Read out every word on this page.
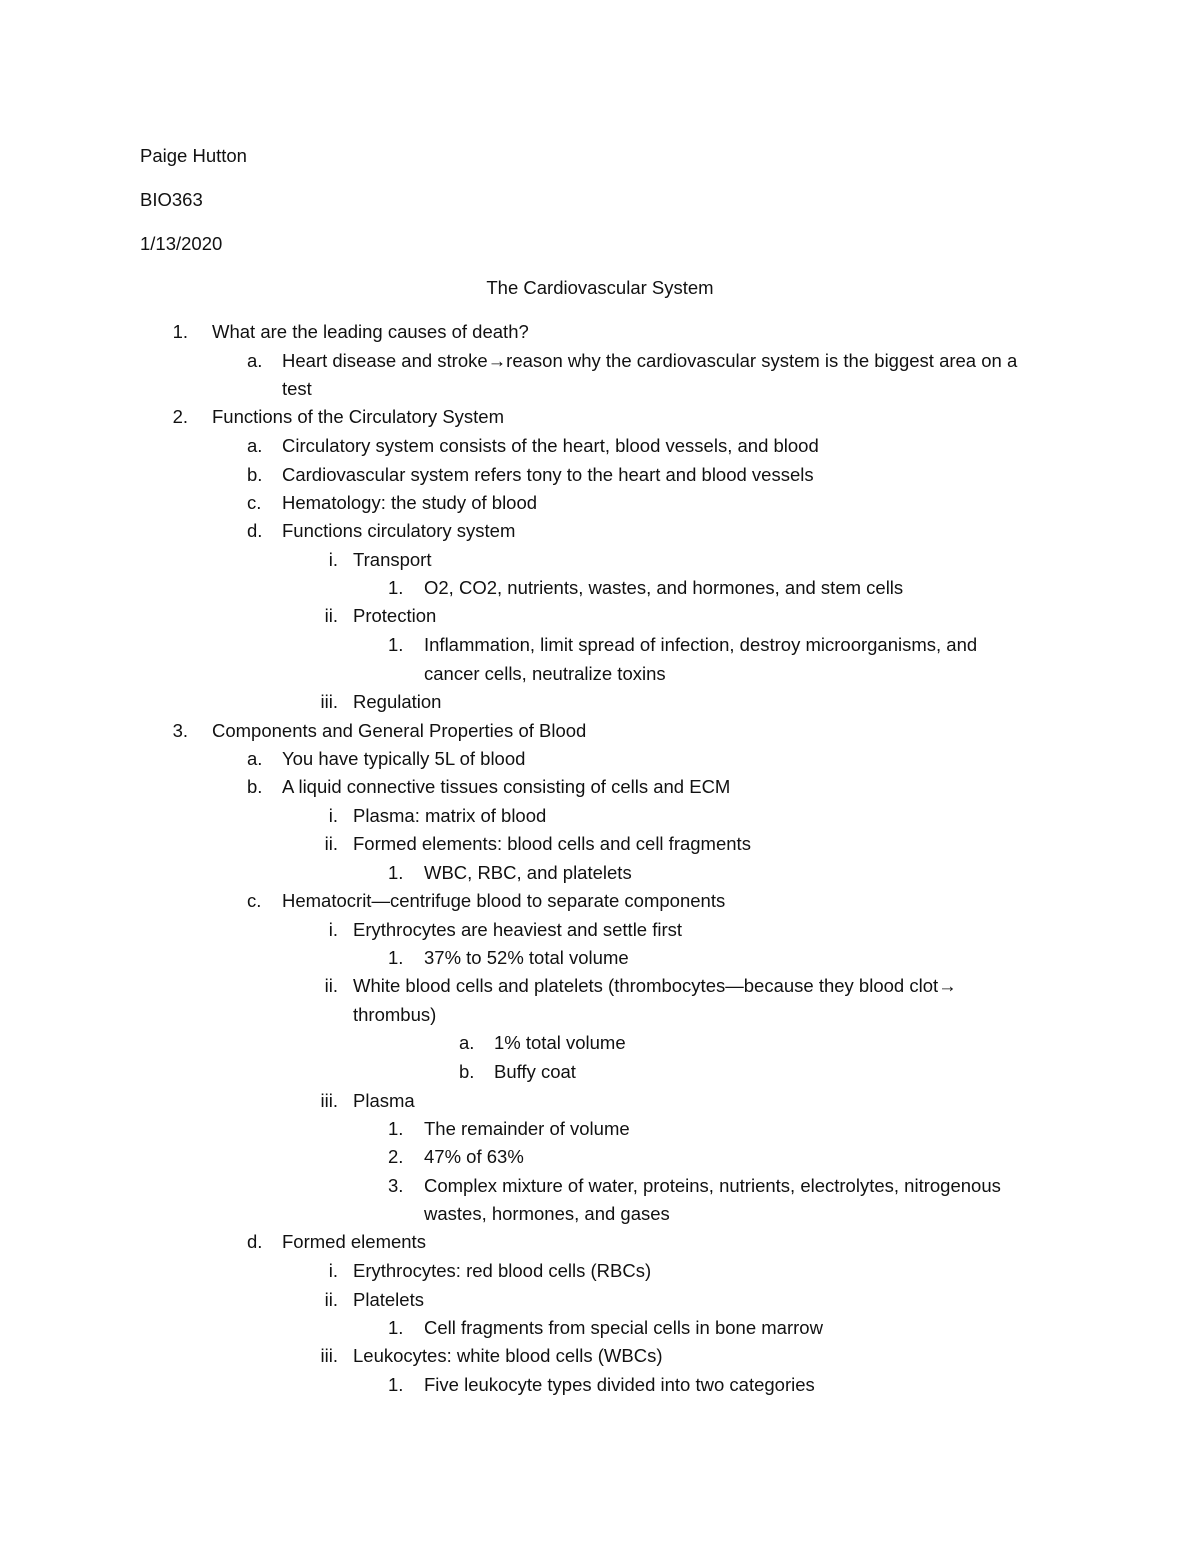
Paige Hutton
BIO363
1/13/2020
The Cardiovascular System
1. What are the leading causes of death?
a. Heart disease and stroke→reason why the cardiovascular system is the biggest area on a
test
2. Functions of the Circulatory System
a. Circulatory system consists of the heart, blood vessels, and blood
b. Cardiovascular system refers tony to the heart and blood vessels
c. Hematology: the study of blood
d. Functions circulatory system
i. Transport
1. O2, CO2, nutrients, wastes, and hormones, and stem cells
ii. Protection
1. Inflammation, limit spread of infection, destroy microorganisms, and
cancer cells, neutralize toxins
iii. Regulation
3. Components and General Properties of Blood
a. You have typically 5L of blood
b. A liquid connective tissues consisting of cells and ECM
i. Plasma: matrix of blood
ii. Formed elements: blood cells and cell fragments
1. WBC, RBC, and platelets
c. Hematocrit—centrifuge blood to separate components
i. Erythrocytes are heaviest and settle first
1. 37% to 52% total volume
ii. White blood cells and platelets (thrombocytes—because they blood clot→
thrombus)
a. 1% total volume
b. Buffy coat
iii. Plasma
1. The remainder of volume
2. 47% of 63%
3. Complex mixture of water, proteins, nutrients, electrolytes, nitrogenous
wastes, hormones, and gases
d. Formed elements
i. Erythrocytes: red blood cells (RBCs)
ii. Platelets
1. Cell fragments from special cells in bone marrow
iii. Leukocytes: white blood cells (WBCs)
1. Five leukocyte types divided into two categories
